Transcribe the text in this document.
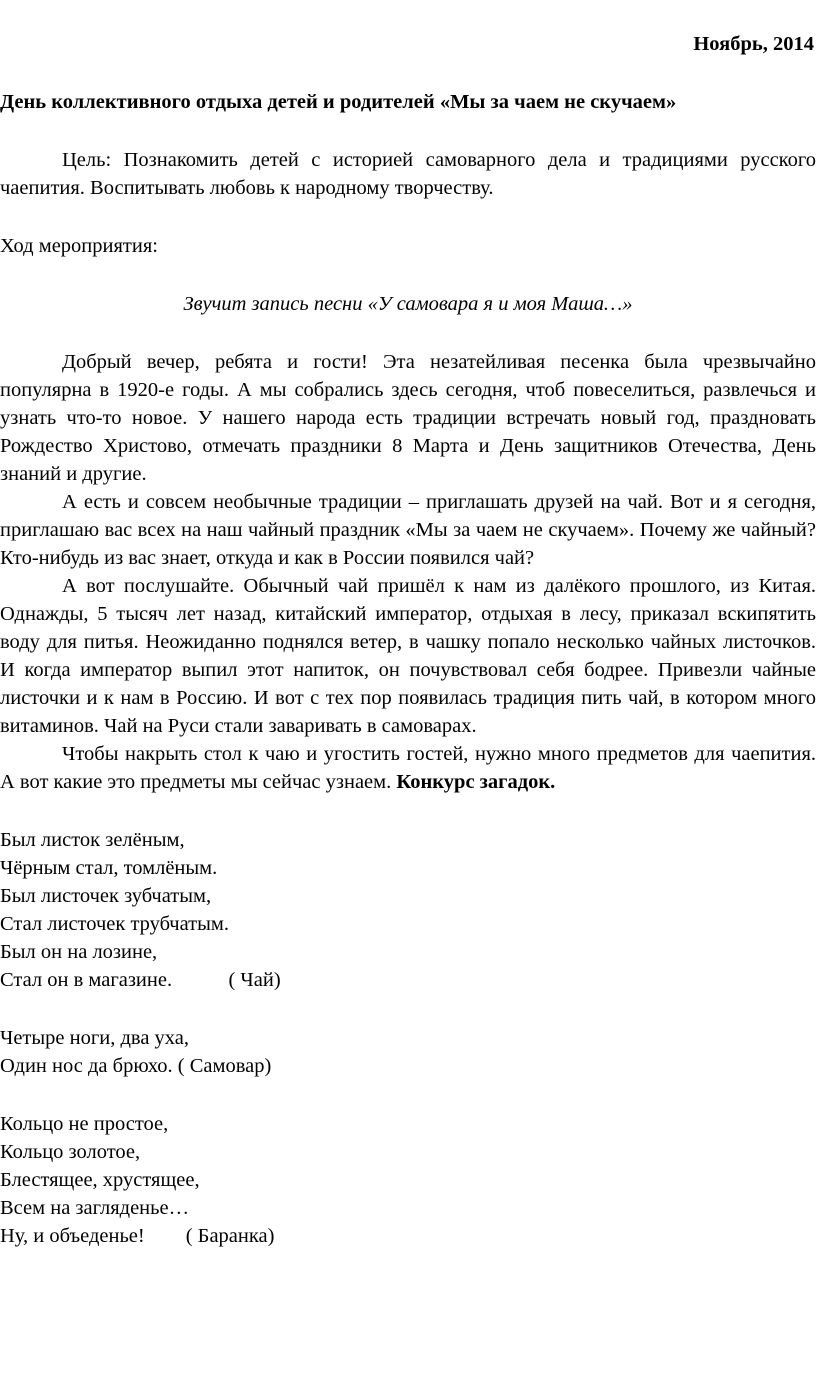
Ноябрь, 2014
День коллективного отдыха детей и родителей «Мы за чаем не скучаем»

Цель: Познакомить детей с историей самоварного дела и традициями русского чаепития. Воспитывать любовь к народному творчеству.

Ход мероприятия:
Звучит запись песни «У самовара я и моя Маша…»

Добрый вечер, ребята и гости! Эта незатейливая песенка была чрезвычайно популярна в 1920-е годы. А мы собрались здесь сегодня, чтоб повеселиться, развлечься и узнать что-то новое. У нашего народа есть традиции встречать новый год, праздновать Рождество Христово, отмечать праздники 8 Марта и День защитников Отечества, День знаний и другие.

А есть и совсем необычные традиции – приглашать друзей на чай. Вот и я сегодня, приглашаю вас всех на наш чайный праздник «Мы за чаем не скучаем». Почему же чайный? Кто-нибудь из вас знает, откуда и как в России появился чай?

А вот послушайте. Обычный чай пришёл к нам из далёкого прошлого, из Китая. Однажды, 5 тысяч лет назад, китайский император, отдыхая в лесу, приказал вскипятить воду для питья. Неожиданно поднялся ветер, в чашку попало несколько чайных листочков. И когда император выпил этот напиток, он почувствовал себя бодрее. Привезли чайные листочки и к нам в Россию. И вот с тех пор появилась традиция пить чай, в котором много витаминов. Чай на Руси стали заваривать в самоварах.

Чтобы накрыть стол к чаю и угостить гостей, нужно много предметов для чаепития. А вот какие это предметы мы сейчас узнаем. Конкурс загадок.

Был листок зелёным,
Чёрным стал, томлёным.
Был листочек зубчатым,
Стал листочек трубчатым.
Был он на лозине,
Стал он в магазине.           ( Чай)
Четыре ноги, два уха,
Один нос да брюхо. ( Самовар)
Кольцо не простое,
Кольцо золотое,
Блестящее, хрустящее,
Всем на загляденье…
Ну, и объеденье!        ( Баранка)
